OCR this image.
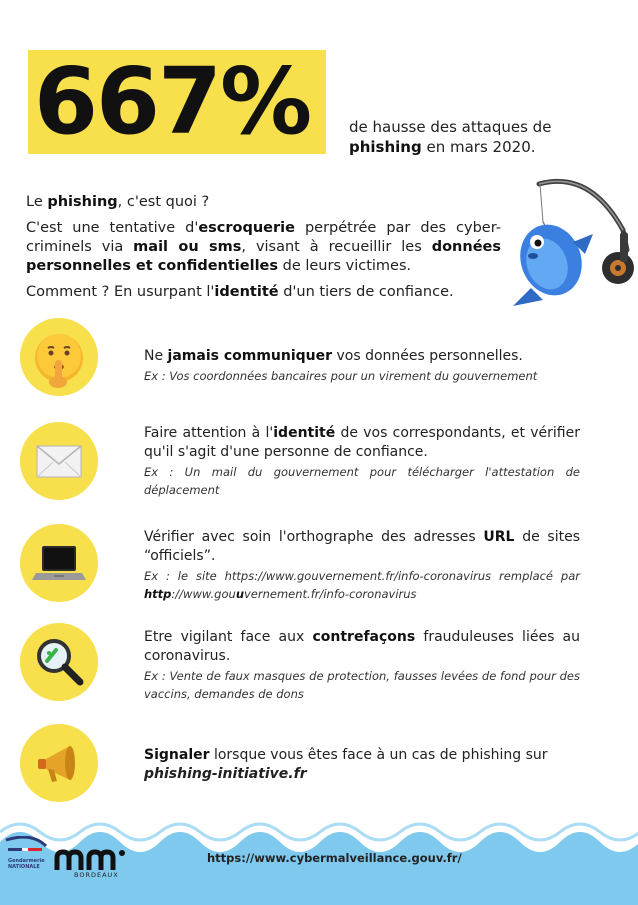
667%	de hausse des attaques de phishing en mars 2020.

Le phishing, c'est quoi ?

C'est une tentative d'escroquerie perpétrée par des cyber-criminels via mail ou sms, visant à recueillir les données personnelles et confidentielles de leurs victimes.

Comment ? En usurpant l'identité d'un tiers de confiance.

Ne jamais communiquer vos données personnelles.
Ex : Vos coordonnées bancaires pour un virement du gouvernement
Faire attention à l'identité de vos correspondants, et vérifier qu'il s'agit d'une personne de confiance.
Ex : Un mail du gouvernement pour télécharger l'attestation de déplacement
Vérifier avec soin l'orthographe des adresses URL de sites “officiels”.
Ex : le site https://www.gouvernement.fr/info-coronavirus remplacé par http://www.gouuvernement.fr/info-coronavirus
Etre vigilant face aux contrefaçons frauduleuses liées au coronavirus.
Ex : Vente de faux masques de protection, fausses levées de fond pour des vaccins, demandes de dons
Signaler lorsque vous êtes face à un cas de phishing sur
phishing-initiative.fr
https://www.cybermalveillance.gouv.fr/
Gendarmerie
NATIONALE
BORDEAUX
